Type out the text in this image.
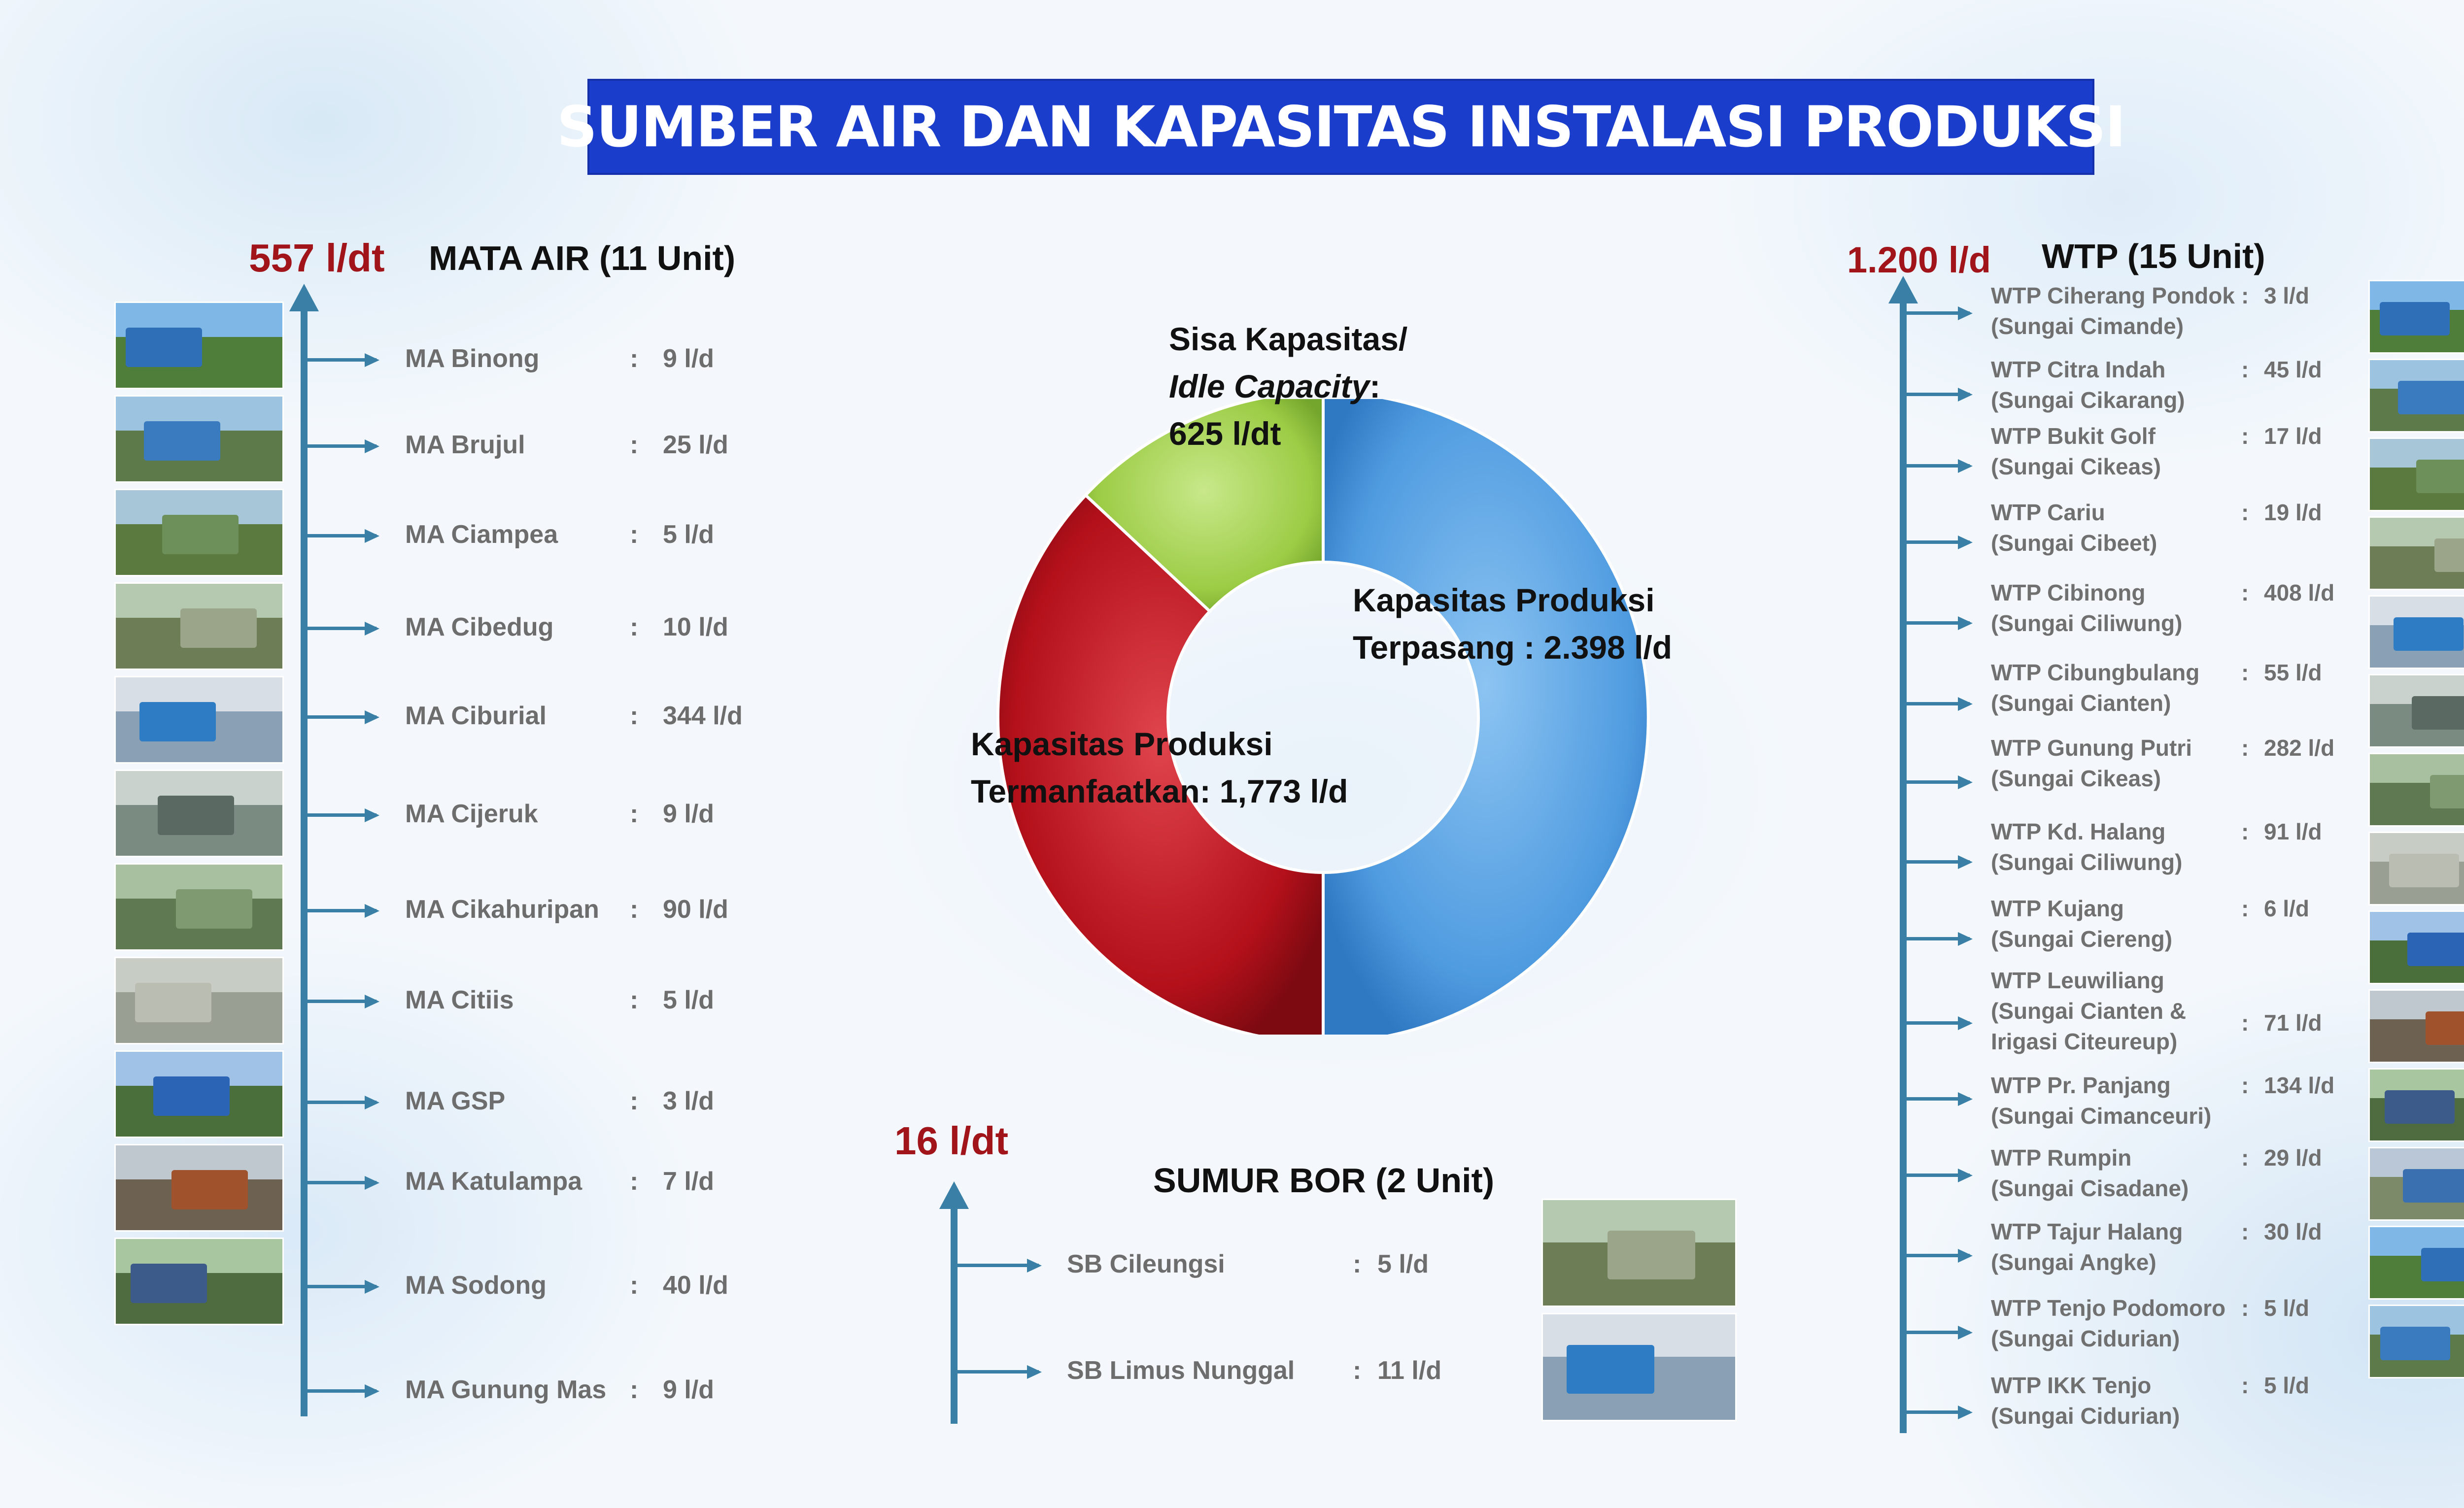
SUMBER AIR DAN KAPASITAS INSTALASI PRODUKSI
557 l/dt MATA AIR (11 Unit)
MA Binong	: 9 l/d
MA Brujul	: 25 l/d
MA Ciampea	: 5 l/d
MA Cibedug	: 10 l/d
MA Ciburial	: 344 l/d
MA Cijeruk	: 9 l/d
MA Cikahuripan : 90 l/d
MA Citiis	: 5 l/d
MA GSP	: 3 l/d
MA Katulampa : 7 l/d
MA Sodong	: 40 l/d
MA Gunung Mas : 9 l/d
Sisa Kapasitas/
Idle Capacity:
625 l/dt
Kapasitas Produksi
Terpasang : 2.398 l/d
Kapasitas Produksi
Termanfaatkan: 1,773 l/d
16 l/dt
SUMUR BOR (2 Unit)
SB Cileungsi	: 5 l/d
SB Limus Nunggal : 11 l/d
1.200 l/d WTP (15 Unit)
WTP Ciherang Pondok
(Sungai Cimande)
: 3 l/d
WTP Citra Indah
(Sungai Cikarang)
: 45 l/d
WTP Bukit Golf
(Sungai Cikeas)
: 17 l/d
WTP Cariu
(Sungai Cibeet)
: 19 l/d
WTP Cibinong
(Sungai Ciliwung)
: 408 l/d
WTP Cibungbulang
(Sungai Cianten)
: 55 l/d
WTP Gunung Putri
(Sungai Cikeas)
: 282 l/d
WTP Kd. Halang
(Sungai Ciliwung)
: 91 l/d
WTP Kujang
(Sungai Ciereng)
: 6 l/d
WTP Leuwiliang
(Sungai Cianten &
Irigasi Citeureup)
: 71 l/d
WTP Pr. Panjang
(Sungai Cimanceuri)
: 134 l/d
WTP Rumpin
(Sungai Cisadane)
: 29 l/d
WTP Tajur Halang
(Sungai Angke)
: 30 l/d
WTP Tenjo Podomoro
(Sungai Cidurian)
: 5 l/d
WTP IKK Tenjo
(Sungai Cidurian)
: 5 l/d
